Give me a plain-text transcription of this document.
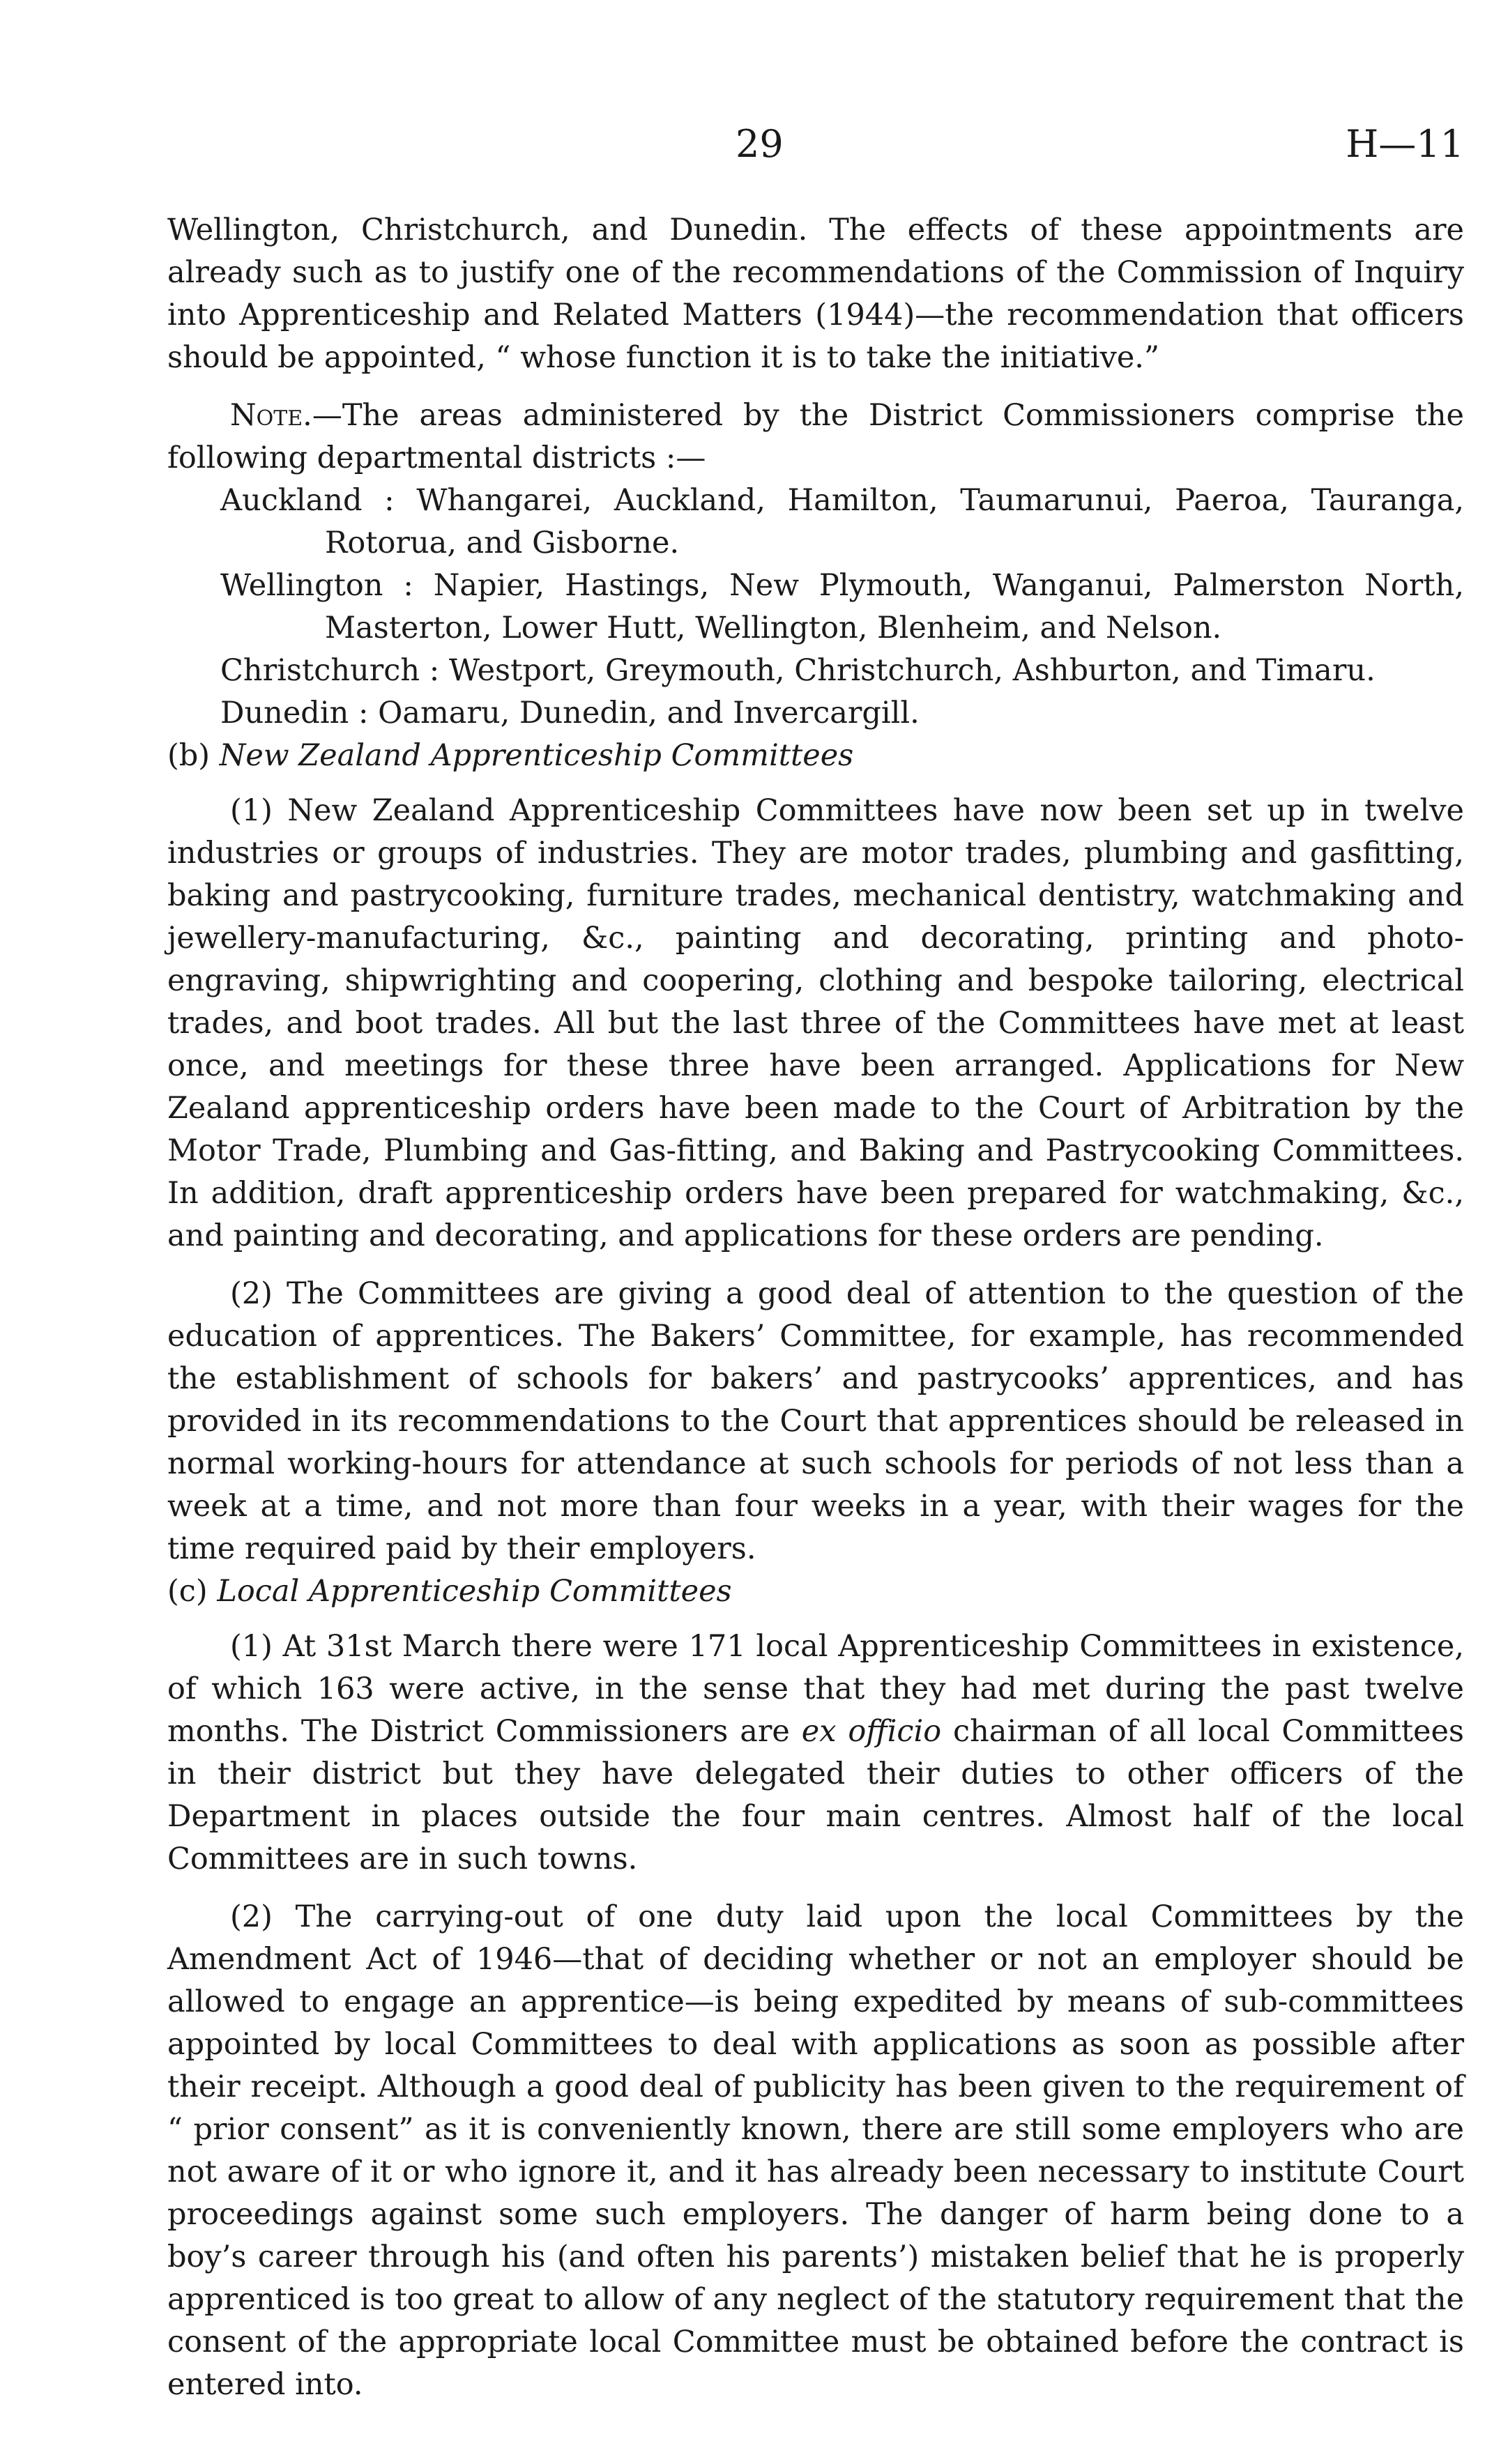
29	H—11

Wellington, Christchurch, and Dunedin. The effects of these appointments are already such as to justify one of the recommendations of the Commission of Inquiry into Apprenticeship and Related Matters (1944)—the recommendation that officers should be appointed, “ whose function it is to take the initiative.”

Note.—The areas administered by the District Commissioners comprise the following departmental districts :—

Auckland : Whangarei, Auckland, Hamilton, Taumarunui, Paeroa, Tauranga, Rotorua, and Gisborne.

Wellington : Napier, Hastings, New Plymouth, Wanganui, Palmerston North, Masterton, Lower Hutt, Wellington, Blenheim, and Nelson.

Christchurch : Westport, Greymouth, Christchurch, Ashburton, and Timaru.

Dunedin : Oamaru, Dunedin, and Invercargill.

(b) New Zealand Apprenticeship Committees

(1) New Zealand Apprenticeship Committees have now been set up in twelve industries or groups of industries. They are motor trades, plumbing and gasfitting, baking and pastrycooking, furniture trades, mechanical dentistry, watchmaking and jewellery-manufacturing, &c., painting and decorating, printing and photo-engraving, shipwrighting and coopering, clothing and bespoke tailoring, electrical trades, and boot trades. All but the last three of the Committees have met at least once, and meetings for these three have been arranged. Applications for New Zealand apprenticeship orders have been made to the Court of Arbitration by the Motor Trade, Plumbing and Gas-fitting, and Baking and Pastrycooking Committees. In addition, draft apprenticeship orders have been prepared for watchmaking, &c., and painting and decorating, and applications for these orders are pending.

(2) The Committees are giving a good deal of attention to the question of the education of apprentices. The Bakers’ Committee, for example, has recommended the establishment of schools for bakers’ and pastrycooks’ apprentices, and has provided in its recommendations to the Court that apprentices should be released in normal working-hours for attendance at such schools for periods of not less than a week at a time, and not more than four weeks in a year, with their wages for the time required paid by their employers.

(c) Local Apprenticeship Committees

(1) At 31st March there were 171 local Apprenticeship Committees in existence, of which 163 were active, in the sense that they had met during the past twelve months. The District Commissioners are ex officio chairman of all local Committees in their district but they have delegated their duties to other officers of the Department in places outside the four main centres. Almost half of the local Committees are in such towns.

(2) The carrying-out of one duty laid upon the local Committees by the Amendment Act of 1946—that of deciding whether or not an employer should be allowed to engage an apprentice—is being expedited by means of sub-committees appointed by local Committees to deal with applications as soon as possible after their receipt. Although a good deal of publicity has been given to the requirement of “ prior consent” as it is conveniently known, there are still some employers who are not aware of it or who ignore it, and it has already been necessary to institute Court proceedings against some such employers. The danger of harm being done to a boy’s career through his (and often his parents’) mistaken belief that he is properly apprenticed is too great to allow of any neglect of the statutory requirement that the consent of the appropriate local Committee must be obtained before the contract is entered into.
